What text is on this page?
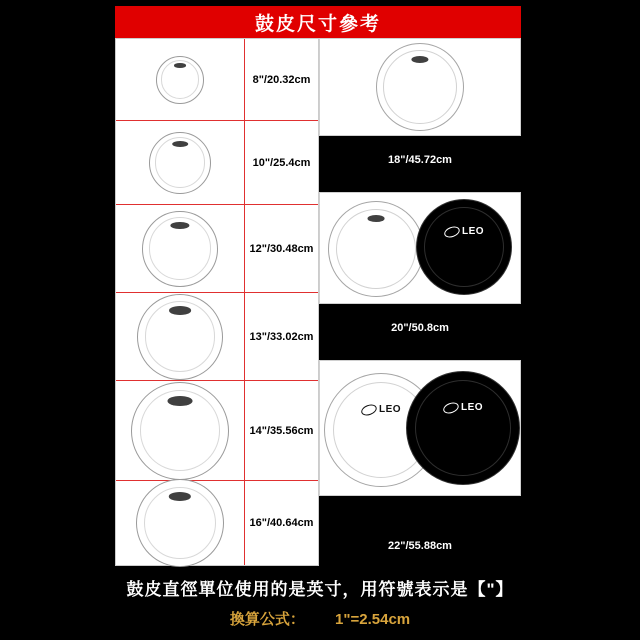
鼓皮尺寸參考
8"/20.32cm
10"/25.4cm
12"/30.48cm
13"/33.02cm
14"/35.56cm
16"/40.64cm
18"/45.72cm
LEO
20"/50.8cm
LEO	LEO
22"/55.88cm
鼓皮直徑單位使用的是英寸，用符號表示是【"】
換算公式： 1"=2.54cm
